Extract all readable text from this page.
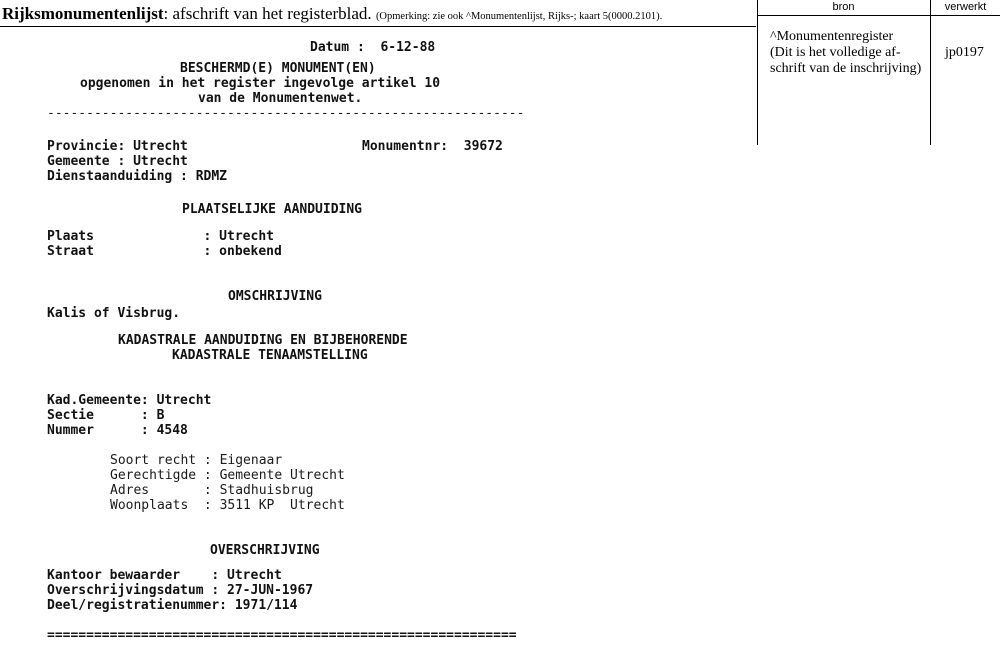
Rijksmonumentenlijst: afschrift van het registerblad. (Opmerking: zie ook ^Monumentenlijst, Rijks-; kaart 5(0000.2101).
bron	verwerkt
^Monumentenregister
(Dit is het volledige af-
schrift van de inschrijving)
jp0197
Datum :  6-12-88
BESCHERMD(E) MONUMENT(EN)
opgenomen in het register ingevolge artikel 10
van de Monumentenwet.
-------------------------------------------------------------
Provincie: Utrecht	Monumentnr:  39672
Gemeente : Utrecht
Dienstaanduiding : RDMZ
PLAATSELIJKE AANDUIDING
Plaats              : Utrecht
Straat              : onbekend
OMSCHRIJVING
Kalis of Visbrug.
KADASTRALE AANDUIDING EN BIJBEHORENDE
KADASTRALE TENAAMSTELLING
Kad.Gemeente: Utrecht
Sectie      : B
Nummer      : 4548
Soort recht : Eigenaar
Gerechtigde : Gemeente Utrecht
Adres       : Stadhuisbrug
Woonplaats  : 3511 KP  Utrecht
OVERSCHRIJVING
Kantoor bewaarder    : Utrecht
Overschrijvingsdatum : 27-JUN-1967
Deel/registratienummer: 1971/114
============================================================
